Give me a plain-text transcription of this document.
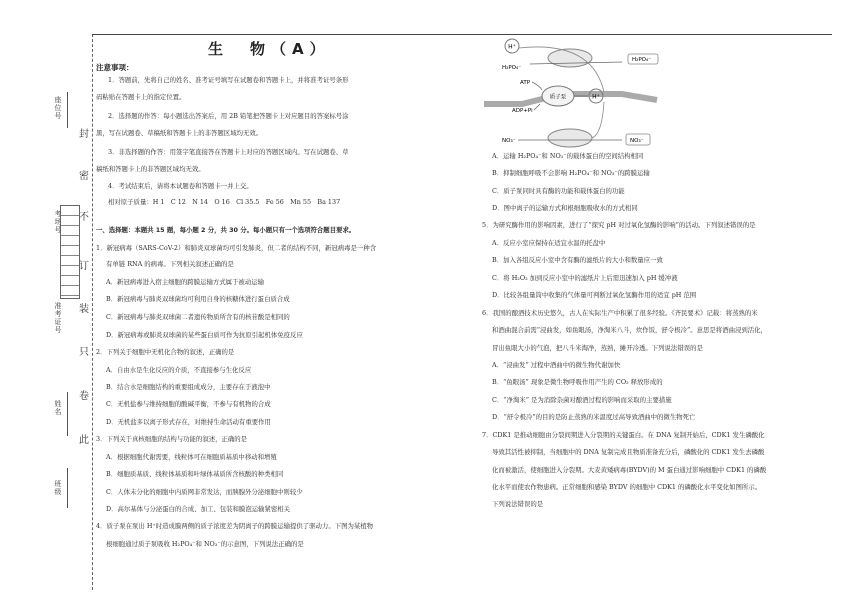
封
密
不
订
装
只
卷
此
座
位
号
考
场
号
准
考
证
号
姓
名
班
级
生　物（A）
注意事项：
1．答题前，先将自己的姓名、准考证号填写在试题卷和答题卡上，并将准考证号条形
码粘贴在答题卡上的指定位置。
2．选择题的作答：每小题选出答案后，用 2B 铅笔把答题卡上对应题目的答案标号涂
黑，写在试题卷、草稿纸和答题卡上的非答题区域均无效。
3．非选择题的作答：用签字笔直接答在答题卡上对应的答题区域内。写在试题卷、草
稿纸和答题卡上的非答题区域均无效。
4．考试结束后，请将本试题卷和答题卡一并上交。
相对原子质量：H 1　C 12　N 14　O 16　Cl 35.5　Fe 56　Mn 55　Ba 137
一、选择题：本题共 15 题，每小题 2 分，共 30 分。每小题只有一个选项符合题目要求。
1．新冠病毒（SARS-CoV-2）和肺炎双球菌均可引发肺炎，但二者的结构不同，新冠病毒是一种含
有单链 RNA 的病毒。下列相关叙述正确的是
A．新冠病毒进入宿主细胞的跨膜运输方式属于被动运输
B．新冠病毒与肺炎双球菌均可利用自身的核糖体进行蛋白质合成
C．新冠病毒与肺炎双球菌二者遗传物质所含有的核苷酸是相同的
D．新冠病毒或肺炎双球菌的某些蛋白质可作为抗原引起机体免疫反应
2．下列关于细胞中无机化合物的叙述，正确的是
A．自由水是生化反应的介质，不直接参与生化反应
B．结合水是细胞结构的重要组成成分，主要存在于液泡中
C．无机盐参与维持细胞的酸碱平衡，不参与有机物的合成
D．无机盐多以离子形式存在，对维持生命活动有重要作用
3．下列关于真核细胞的结构与功能的叙述，正确的是
A．根据细胞代谢需要，线粒体可在细胞质基质中移动和增殖
B．细胞质基质、线粒体基质和叶绿体基质所含核酸的种类相同
C．人体未分化的细胞中内质网非常发达，而胰腺外分泌细胞中则较少
D．高尔基体与分泌蛋白的合成、加工、包装和膜泡运输紧密相关
4．质子泵在泵出 H⁺时造成膜两侧的质子浓度差为阴离子的跨膜运输提供了驱动力。下图为某植物
根细胞通过质子泵吸收 H₂PO₄⁻和 NO₃⁻的示意图，下列说法正确的是
H⁺
H₂PO₄⁻
H₂PO₄⁻
ATP
质子泵
ADP+Pi
H⁺
NO₃⁻	NO₃⁻
A．运输 H₂PO₄⁻和 NO₃⁻的载体蛋白的空间结构相同
B．抑制细胞呼吸不会影响 H₂PO₄⁻和 NO₃⁻的跨膜运输
C．质子泵同时具有酶的功能和载体蛋白的功能
D．图中离子的运输方式和根细胞吸收水的方式相同
5．为研究酶作用的影响因素，进行了“探究 pH 对过氧化氢酶的影响”的活动。下列叙述错误的是
A．反应小室应保持在适宜水温的托盘中
B．加入各组反应小室中含有酶的滤纸片的大小和数量应一致
C．将 H₂O₂ 加到反应小室中的滤纸片上后需迅速加入 pH 缓冲液
D．比较各组量筒中收集的气体量可判断过氧化氢酶作用的适宜 pH 范围
6．我国的酿酒技术历史悠久，古人在实际生产中积累了很多经验。《齐民要术》记载：将蒸熟的米
和酒曲混合前需“浸曲发，如鱼眼汤，净淘米八斗，炊作饭，舒令极冷”。意思是将酒曲浸到活化，
冒出鱼眼大小的气泡，把八斗米淘净，蒸熟，摊开冷透。下列说法错误的是
A．“浸曲发” 过程中酒曲中的微生物代谢加快
B．“鱼眼汤” 现象是微生物呼吸作用产生的 CO₂ 释放形成的
C．“净淘米” 是为消除杂菌对酿酒过程的影响而采取的主要措施
D．“舒令极冷”的目的是防止蒸熟的米温度过高导致酒曲中的微生物死亡
7．CDK1 是推动细胞由分裂间期进入分裂期的关键蛋白。在 DNA 复制开始后，CDK1 发生磷酸化
导致其活性被抑制，当细胞中的 DNA 复制完成且物质准备充分后，磷酸化的 CDK1 发生去磷酸
化而被激活，使细胞进入分裂期。大麦黄矮病毒(BYDV)的 M 蛋白通过影响细胞中 CDK1 的磷酸
化水平而使农作物患病。正常细胞和感染 BYDV 的细胞中 CDK1 的磷酸化水平变化如图所示。
下列说法错误的是
